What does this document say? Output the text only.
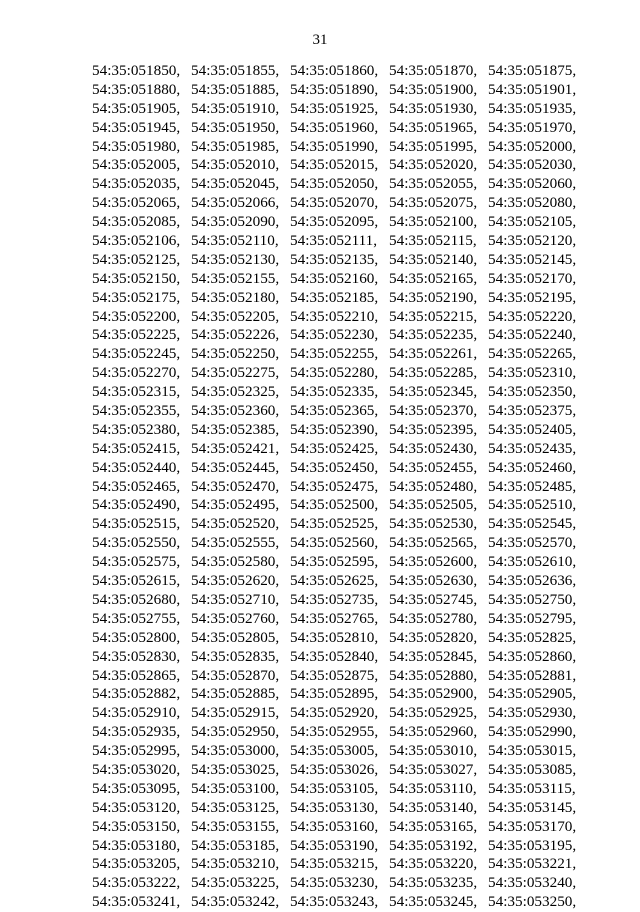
31
54:35:051850, 54:35:051855, 54:35:051860, 54:35:051870, 54:35:051875,
54:35:051880, 54:35:051885, 54:35:051890, 54:35:051900, 54:35:051901,
54:35:051905, 54:35:051910, 54:35:051925, 54:35:051930, 54:35:051935,
54:35:051945, 54:35:051950, 54:35:051960, 54:35:051965, 54:35:051970,
54:35:051980, 54:35:051985, 54:35:051990, 54:35:051995, 54:35:052000,
54:35:052005, 54:35:052010, 54:35:052015, 54:35:052020, 54:35:052030,
54:35:052035, 54:35:052045, 54:35:052050, 54:35:052055, 54:35:052060,
54:35:052065, 54:35:052066, 54:35:052070, 54:35:052075, 54:35:052080,
54:35:052085, 54:35:052090, 54:35:052095, 54:35:052100, 54:35:052105,
54:35:052106, 54:35:052110, 54:35:052111, 54:35:052115, 54:35:052120,
54:35:052125, 54:35:052130, 54:35:052135, 54:35:052140, 54:35:052145,
54:35:052150, 54:35:052155, 54:35:052160, 54:35:052165, 54:35:052170,
54:35:052175, 54:35:052180, 54:35:052185, 54:35:052190, 54:35:052195,
54:35:052200, 54:35:052205, 54:35:052210, 54:35:052215, 54:35:052220,
54:35:052225, 54:35:052226, 54:35:052230, 54:35:052235, 54:35:052240,
54:35:052245, 54:35:052250, 54:35:052255, 54:35:052261, 54:35:052265,
54:35:052270, 54:35:052275, 54:35:052280, 54:35:052285, 54:35:052310,
54:35:052315, 54:35:052325, 54:35:052335, 54:35:052345, 54:35:052350,
54:35:052355, 54:35:052360, 54:35:052365, 54:35:052370, 54:35:052375,
54:35:052380, 54:35:052385, 54:35:052390, 54:35:052395, 54:35:052405,
54:35:052415, 54:35:052421, 54:35:052425, 54:35:052430, 54:35:052435,
54:35:052440, 54:35:052445, 54:35:052450, 54:35:052455, 54:35:052460,
54:35:052465, 54:35:052470, 54:35:052475, 54:35:052480, 54:35:052485,
54:35:052490, 54:35:052495, 54:35:052500, 54:35:052505, 54:35:052510,
54:35:052515, 54:35:052520, 54:35:052525, 54:35:052530, 54:35:052545,
54:35:052550, 54:35:052555, 54:35:052560, 54:35:052565, 54:35:052570,
54:35:052575, 54:35:052580, 54:35:052595, 54:35:052600, 54:35:052610,
54:35:052615, 54:35:052620, 54:35:052625, 54:35:052630, 54:35:052636,
54:35:052680, 54:35:052710, 54:35:052735, 54:35:052745, 54:35:052750,
54:35:052755, 54:35:052760, 54:35:052765, 54:35:052780, 54:35:052795,
54:35:052800, 54:35:052805, 54:35:052810, 54:35:052820, 54:35:052825,
54:35:052830, 54:35:052835, 54:35:052840, 54:35:052845, 54:35:052860,
54:35:052865, 54:35:052870, 54:35:052875, 54:35:052880, 54:35:052881,
54:35:052882, 54:35:052885, 54:35:052895, 54:35:052900, 54:35:052905,
54:35:052910, 54:35:052915, 54:35:052920, 54:35:052925, 54:35:052930,
54:35:052935, 54:35:052950, 54:35:052955, 54:35:052960, 54:35:052990,
54:35:052995, 54:35:053000, 54:35:053005, 54:35:053010, 54:35:053015,
54:35:053020, 54:35:053025, 54:35:053026, 54:35:053027, 54:35:053085,
54:35:053095, 54:35:053100, 54:35:053105, 54:35:053110, 54:35:053115,
54:35:053120, 54:35:053125, 54:35:053130, 54:35:053140, 54:35:053145,
54:35:053150, 54:35:053155, 54:35:053160, 54:35:053165, 54:35:053170,
54:35:053180, 54:35:053185, 54:35:053190, 54:35:053192, 54:35:053195,
54:35:053205, 54:35:053210, 54:35:053215, 54:35:053220, 54:35:053221,
54:35:053222, 54:35:053225, 54:35:053230, 54:35:053235, 54:35:053240,
54:35:053241, 54:35:053242, 54:35:053243, 54:35:053245, 54:35:053250,
